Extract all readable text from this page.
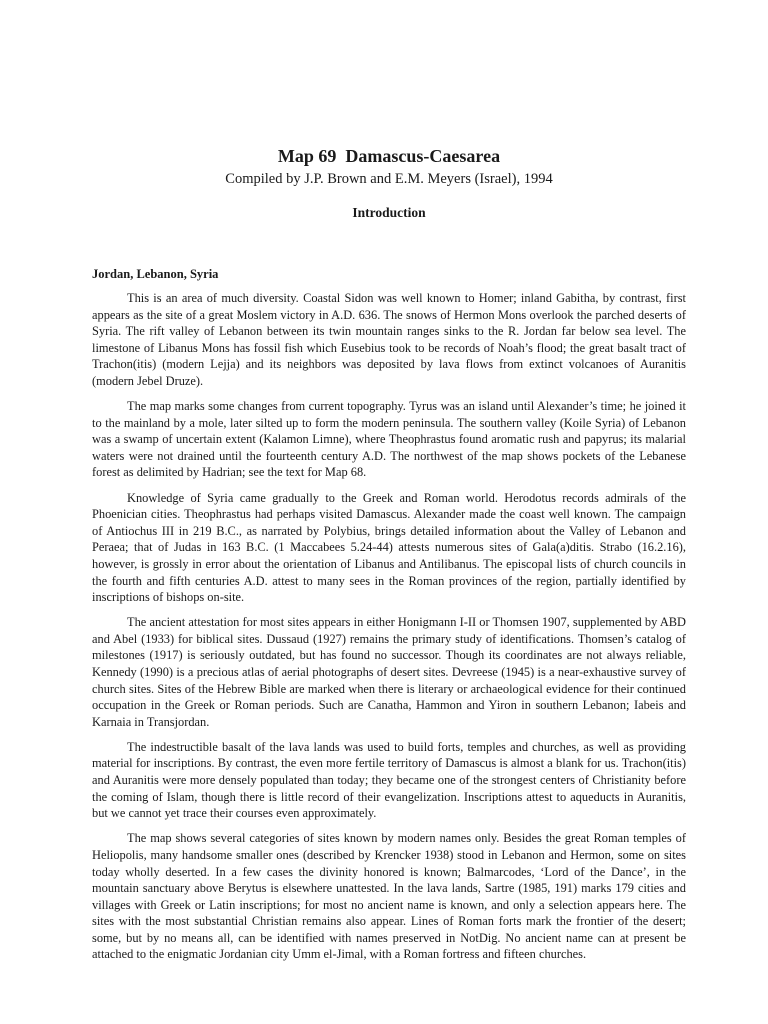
Map 69  Damascus-Caesarea

Compiled by J.P. Brown and E.M. Meyers (Israel), 1994

Introduction
Jordan, Lebanon, Syria

This is an area of much diversity. Coastal Sidon was well known to Homer; inland Gabitha, by contrast, first appears as the site of a great Moslem victory in A.D. 636. The snows of Hermon Mons overlook the parched deserts of Syria. The rift valley of Lebanon between its twin mountain ranges sinks to the R. Jordan far below sea level. The limestone of Libanus Mons has fossil fish which Eusebius took to be records of Noah’s flood; the great basalt tract of Trachon(itis) (modern Lejja) and its neighbors was deposited by lava flows from extinct volcanoes of Auranitis (modern Jebel Druze).

The map marks some changes from current topography. Tyrus was an island until Alexander’s time; he joined it to the mainland by a mole, later silted up to form the modern peninsula. The southern valley (Koile Syria) of Lebanon was a swamp of uncertain extent (Kalamon Limne), where Theophrastus found aromatic rush and papyrus; its malarial waters were not drained until the fourteenth century A.D. The northwest of the map shows pockets of the Lebanese forest as delimited by Hadrian; see the text for Map 68.

Knowledge of Syria came gradually to the Greek and Roman world. Herodotus records admirals of the Phoenician cities. Theophrastus had perhaps visited Damascus. Alexander made the coast well known. The campaign of Antiochus III in 219 B.C., as narrated by Polybius, brings detailed information about the Valley of Lebanon and Peraea; that of Judas in 163 B.C. (1 Maccabees 5.24-44) attests numerous sites of Gala(a)ditis. Strabo (16.2.16), however, is grossly in error about the orientation of Libanus and Antilibanus. The episcopal lists of church councils in the fourth and fifth centuries A.D. attest to many sees in the Roman provinces of the region, partially identified by inscriptions of bishops on-site.

The ancient attestation for most sites appears in either Honigmann I-II or Thomsen 1907, supplemented by ABD and Abel (1933) for biblical sites. Dussaud (1927) remains the primary study of identifications. Thomsen’s catalog of milestones (1917) is seriously outdated, but has found no successor. Though its coordinates are not always reliable, Kennedy (1990) is a precious atlas of aerial photographs of desert sites. Devreese (1945) is a near-exhaustive survey of church sites. Sites of the Hebrew Bible are marked when there is literary or archaeological evidence for their continued occupation in the Greek or Roman periods. Such are Canatha, Hammon and Yiron in southern Lebanon; Iabeis and Karnaia in Transjordan.

The indestructible basalt of the lava lands was used to build forts, temples and churches, as well as providing material for inscriptions. By contrast, the even more fertile territory of Damascus is almost a blank for us. Trachon(itis) and Auranitis were more densely populated than today; they became one of the strongest centers of Christianity before the coming of Islam, though there is little record of their evangelization. Inscriptions attest to aqueducts in Auranitis, but we cannot yet trace their courses even approximately.

The map shows several categories of sites known by modern names only. Besides the great Roman temples of Heliopolis, many handsome smaller ones (described by Krencker 1938) stood in Lebanon and Hermon, some on sites today wholly deserted. In a few cases the divinity honored is known; Balmarcodes, ‘Lord of the Dance’, in the mountain sanctuary above Berytus is elsewhere unattested. In the lava lands, Sartre (1985, 191) marks 179 cities and villages with Greek or Latin inscriptions; for most no ancient name is known, and only a selection appears here. The sites with the most substantial Christian remains also appear. Lines of Roman forts mark the frontier of the desert; some, but by no means all, can be identified with names preserved in NotDig. No ancient name can at present be attached to the enigmatic Jordanian city Umm el-Jimal, with a Roman fortress and fifteen churches.
